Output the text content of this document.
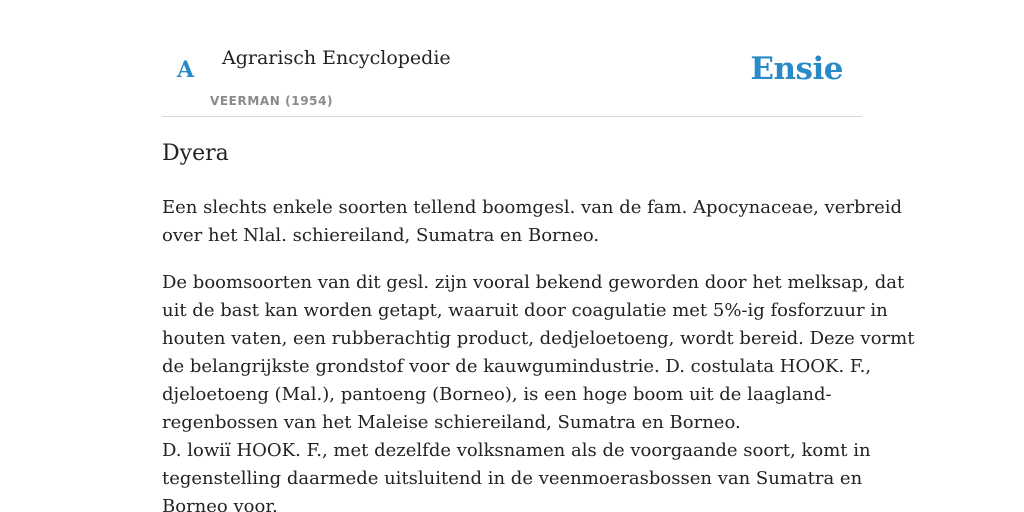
A Agrarisch Encyclopedie
VEERMAN (1954)
Ensie
Dyera

Een slechts enkele soorten tellend boomgesl. van de fam. Apocynaceae, verbreid
over het Nlal. schiereiland, Sumatra en Borneo.

De boomsoorten van dit gesl. zijn vooral bekend geworden door het melksap, dat
uit de bast kan worden getapt, waaruit door coagulatie met 5%-ig fosforzuur in
houten vaten, een rubberachtig product, dedjeloetoeng, wordt bereid. Deze vormt
de belangrijkste grondstof voor de kauwgumindustrie. D. costulata HOOK. F.,
djeloetoeng (Mal.), pantoeng (Borneo), is een hoge boom uit de laagland-
regenbossen van het Maleise schiereiland, Sumatra en Borneo.
D. lowiï HOOK. F., met dezelfde volksnamen als de voorgaande soort, komt in
tegenstelling daarmede uitsluitend in de veenmoerasbossen van Sumatra en
Borneo voor.
